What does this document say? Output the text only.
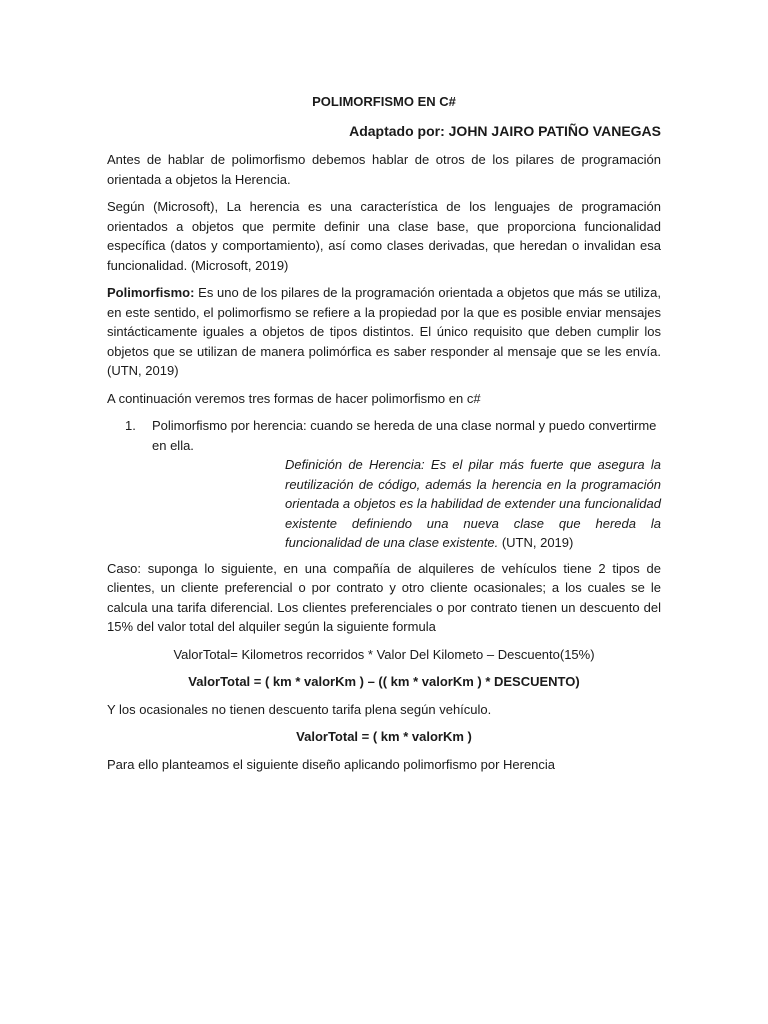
POLIMORFISMO EN C#

Adaptado por: JOHN JAIRO PATIÑO VANEGAS

Antes de hablar de polimorfismo debemos hablar de otros de los pilares de programación orientada a objetos la Herencia.

Según (Microsoft), La herencia es una característica de los lenguajes de programación orientados a objetos que permite definir una clase base, que proporciona funcionalidad específica (datos y comportamiento), así como clases derivadas, que heredan o invalidan esa funcionalidad. (Microsoft, 2019)

Polimorfismo: Es uno de los pilares de la programación orientada a objetos que más se utiliza, en este sentido, el polimorfismo se refiere a la propiedad por la que es posible enviar mensajes sintácticamente iguales a objetos de tipos distintos. El único requisito que deben cumplir los objetos que se utilizan de manera polimórfica es saber responder al mensaje que se les envía. (UTN, 2019)

A continuación veremos tres formas de hacer polimorfismo en c#

1.	Polimorfismo por herencia: cuando se hereda de una clase normal y puedo convertirme en ella.

Definición de Herencia: Es el pilar más fuerte que asegura la reutilización de código, además la herencia en la programación orientada a objetos es la habilidad de extender una funcionalidad existente definiendo una nueva clase que hereda la funcionalidad de una clase existente. (UTN, 2019)

Caso: suponga lo siguiente, en una compañía de alquileres de vehículos tiene 2 tipos de clientes, un cliente preferencial o por contrato y otro cliente ocasionales; a los cuales se le calcula una tarifa diferencial. Los clientes preferenciales o por contrato tienen un descuento del 15% del valor total del alquiler según la siguiente formula

ValorTotal= Kilometros recorridos * Valor Del Kilometo – Descuento(15%)

ValorTotal = ( km * valorKm ) – (( km * valorKm ) * DESCUENTO)

Y los ocasionales no tienen descuento tarifa plena según vehículo.

ValorTotal = ( km * valorKm )

Para ello planteamos el siguiente diseño aplicando polimorfismo por Herencia
